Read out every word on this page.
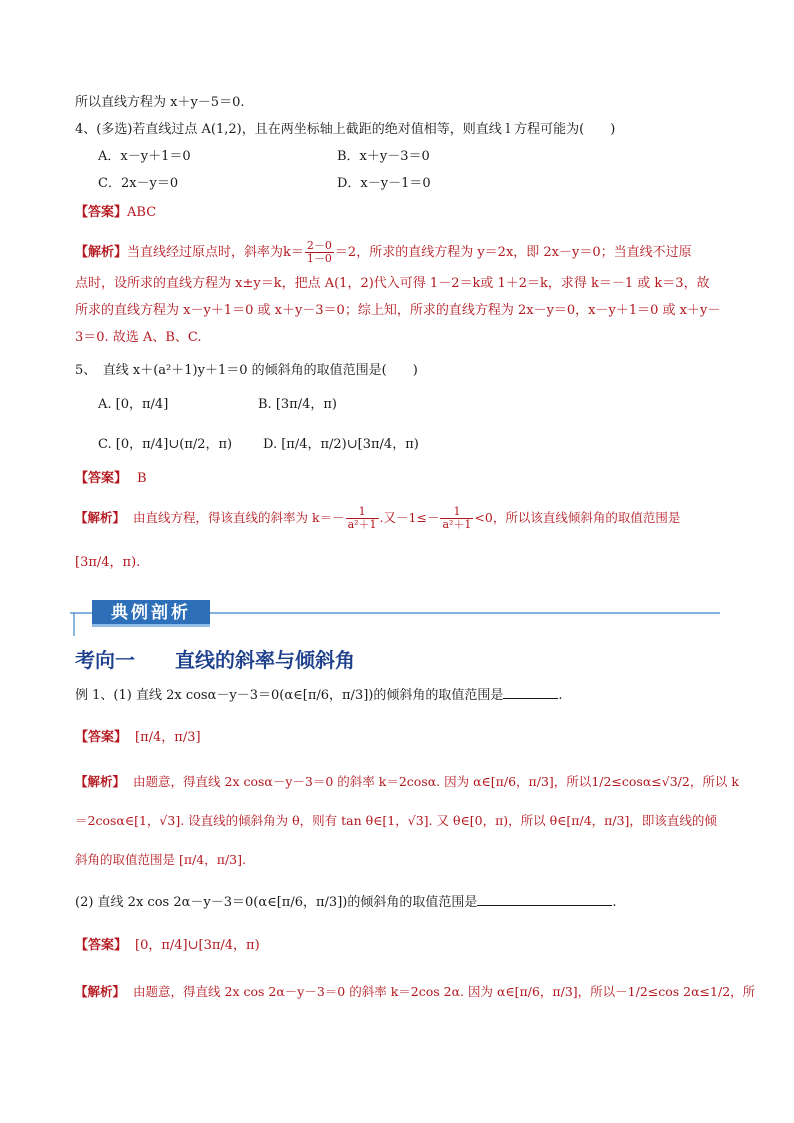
所以直线方程为 x＋y－5＝0.
4、(多选)若直线过点 A(1,2)，且在两坐标轴上截距的绝对值相等，则直线 l 方程可能为(　　)
A．x－y＋1＝0	B．x＋y－3＝0
C．2x－y＝0	D．x－y－1＝0
【答案】ABC
【解析】当直线经过原点时，斜率为$k= \frac{2-0}{1-0} =2$，所求的直线方程为 y＝2x，即 2x－y＝0；当直线不过原
点时，设所求的直线方程为 x±y＝k，把点 A(1，2)代入可得 1－2＝k或 1＋2＝k，求得 k＝－1 或 k＝3，故
所求的直线方程为 x－y＋1＝0 或 x＋y－3＝0；综上知，所求的直线方程为 2x－y＝0，x－y＋1＝0 或 x＋y－
3＝0. 故选 A、B、C.
5、　直线 x＋(a²＋1)y＋1＝0 的倾斜角的取值范围是(　　)
A. [0，π/4]	B. [3π/4，π)
C. [0，π/4]∪(π/2，π) D. [π/4，π/2)∪[3π/4，π)
【答案】 B
【解析】 由直线方程，得该直线的斜率为 $k=- \frac{1}{\text{a²＋1}}$ .又$-1\le- \frac{1}{\text{a²＋1}} <0$，所以该直线倾斜角的取值范围是
[3π/4，π).
典例剖析
考向一 直线的斜率与倾斜角
例 1、(1) 直线 2x cosα－y－3＝0(α∈[π/6，π/3])的倾斜角的取值范围是	.
【答案】 [π/4，π/3]
【解析】 由题意，得直线 2x cosα－y－3＝0 的斜率 k＝2cosα. 因为 α∈[π/6，π/3]，所以1/2≤cosα≤√3/2，所以 k
＝2cosα∈[1，√3]. 设直线的倾斜角为 θ，则有 tan θ∈[1，√3]. 又 θ∈[0，π)，所以 θ∈[π/4，π/3]，即该直线的倾
斜角的取值范围是 [π/4，π/3].
(2) 直线 2x cos 2α－y－3＝0(α∈[π/6，π/3])的倾斜角的取值范围是	.
【答案】 [0，π/4]∪[3π/4，π)
【解析】 由题意，得直线 2x cos 2α－y－3＝0 的斜率 k＝2cos 2α. 因为 α∈[π/6，π/3]，所以－1/2≤cos 2α≤1/2，所
